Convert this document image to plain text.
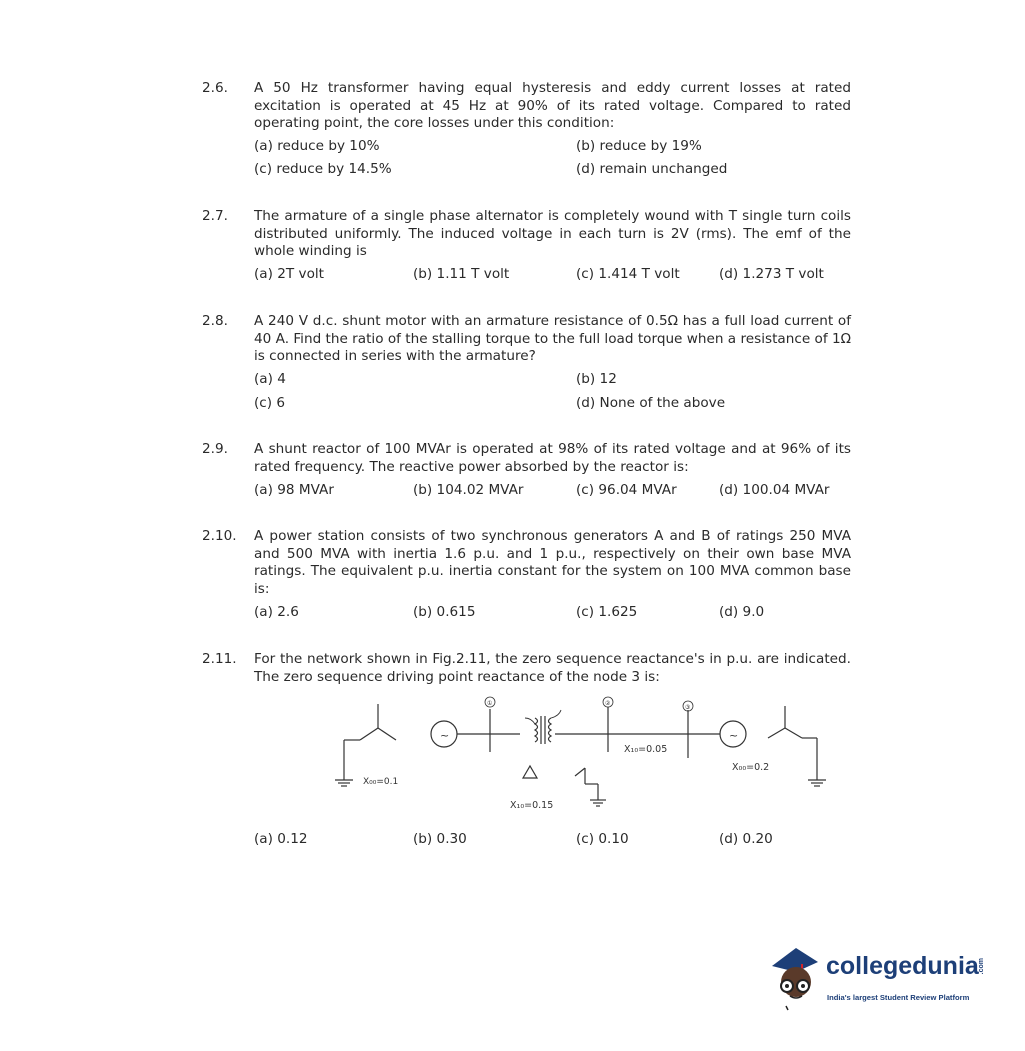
2.6. A 50 Hz transformer having equal hysteresis and eddy current losses at rated excitation is operated at 45 Hz at 90% of its rated voltage. Compared to rated operating point, the core losses under this condition:
(a) reduce by 10%	(b) reduce by 19%
(c) reduce by 14.5%	(d) remain unchanged
2.7. The armature of a single phase alternator is completely wound with T single turn coils distributed uniformly. The induced voltage in each turn is 2V (rms). The emf of the whole winding is
(a) 2T volt	(b) 1.11 T volt	(c) 1.414 T volt	(d) 1.273 T volt
2.8. A 240 V d.c. shunt motor with an armature resistance of 0.5Ω has a full load current of 40 A. Find the ratio of the stalling torque to the full load torque when a resistance of 1Ω is connected in series with the armature?
(a) 4	(b) 12
(c) 6	(d) None of the above
2.9. A shunt reactor of 100 MVAr is operated at 98% of its rated voltage and at 96% of its rated frequency. The reactive power absorbed by the reactor is:
(a) 98 MVAr	(b) 104.02 MVAr	(c) 96.04 MVAr	(d) 100.04 MVAr
2.10. A power station consists of two synchronous generators A and B of ratings 250 MVA and 500 MVA with inertia 1.6 p.u. and 1 p.u., respectively on their own base MVA ratings. The equivalent p.u. inertia constant for the system on 100 MVA common base is:
(a) 2.6	(b) 0.615	(c) 1.625	(d) 9.0
2.11. For the network shown in Fig.2.11, the zero sequence reactance's in p.u. are indicated. The zero sequence driving point reactance of the node 3 is:
~
①	②
③
~
X₀₀=0.1
X₁₀=0.15
X₁₀=0.05
X₀₀=0.2
(a) 0.12	(b) 0.30	(c) 0.10	(d) 0.20
collegedunia .com
India's largest Student Review Platform
